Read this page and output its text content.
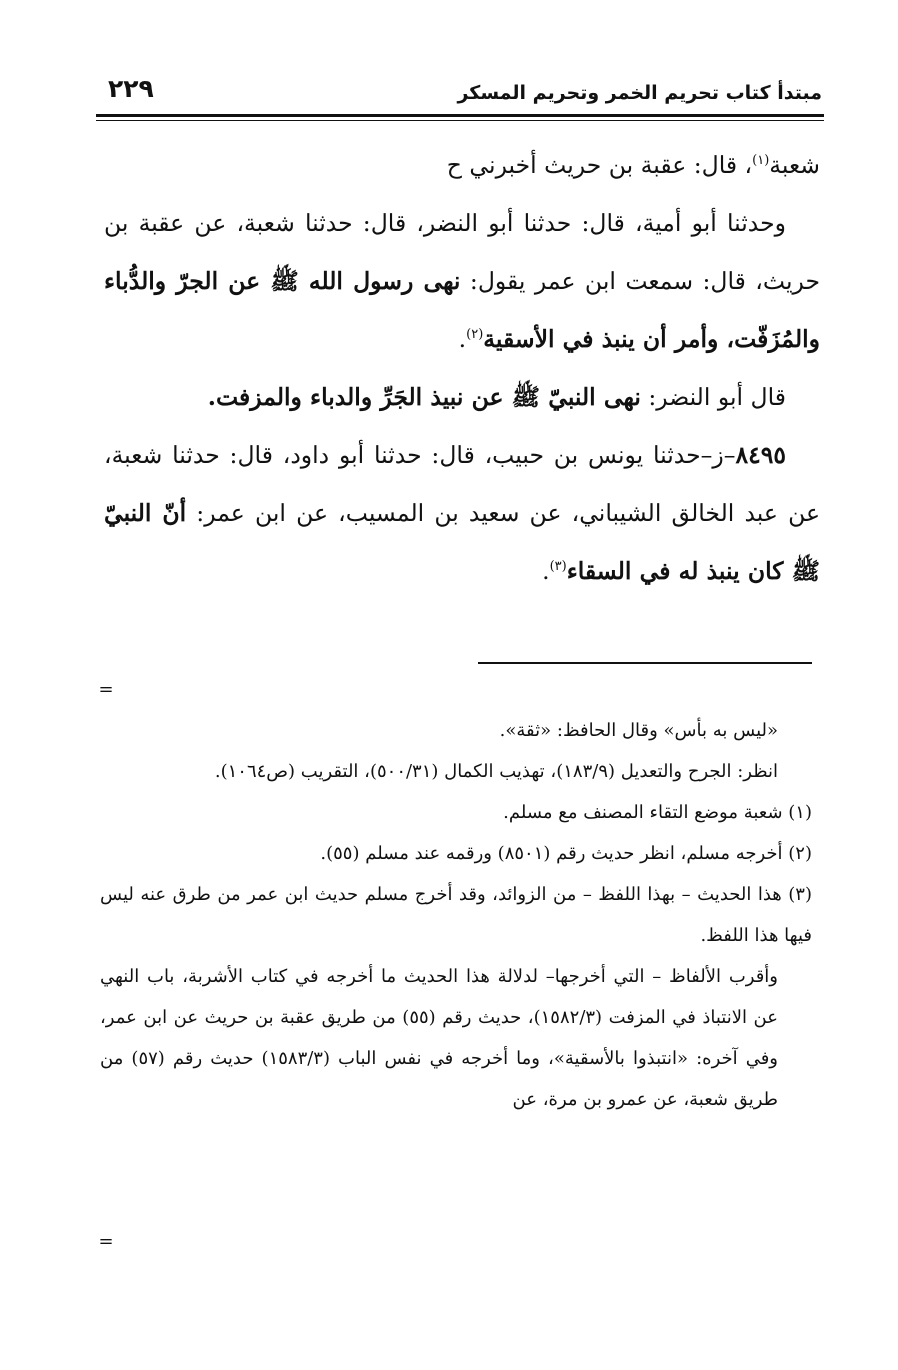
مبتدأ كتاب تحريم الخمر وتحريم المسكر
٢٢٩

شعبة$^{(١)}$، قال: عقبة بن حريث أخبرني ح

وحدثنا أبو أمية، قال: حدثنا أبو النضر، قال: حدثنا شعبة، عن عقبة بن حريث، قال: سمعت ابن عمر يقول: نهى رسول الله ﷺ عن الجرّ والدُّباء والمُزَفّت، وأمر أن ينبذ في الأسقية$^{(٢)}$.

قال أبو النضر: نهى النبيّ ﷺ عن نبيذ الجَرِّ والدباء والمزفت.

٨٤٩٥–ز–حدثنا يونس بن حبيب، قال: حدثنا أبو داود، قال: حدثنا شعبة، عن عبد الخالق الشيباني، عن سعيد بن المسيب، عن ابن عمر: أنّ النبيّ ﷺ كان ينبذ له في السقاء$^{(٣)}$.

=

«ليس به بأس» وقال الحافظ: «ثقة».

انظر: الجرح والتعديل (١٨٣/٩)، تهذيب الكمال (٥٠٠/٣١)، التقريب (ص١٠٦٤).

(١) شعبة موضع التقاء المصنف مع مسلم.

(٢) أخرجه مسلم، انظر حديث رقم (٨٥٠١) ورقمه عند مسلم (٥٥).

(٣) هذا الحديث – بهذا اللفظ – من الزوائد، وقد أخرج مسلم حديث ابن عمر من طرق عنه ليس فيها هذا اللفظ.

وأقرب الألفاظ – التي أخرجها– لدلالة هذا الحديث ما أخرجه في كتاب الأشربة، باب النهي عن الانتباذ في المزفت (١٥٨٢/٣)، حديث رقم (٥٥) من طريق عقبة بن حريث عن ابن عمر، وفي آخره: «انتبذوا بالأسقية»، وما أخرجه في نفس الباب (١٥٨٣/٣) حديث رقم (٥٧) من طريق شعبة، عن عمرو بن مرة، عن

=
